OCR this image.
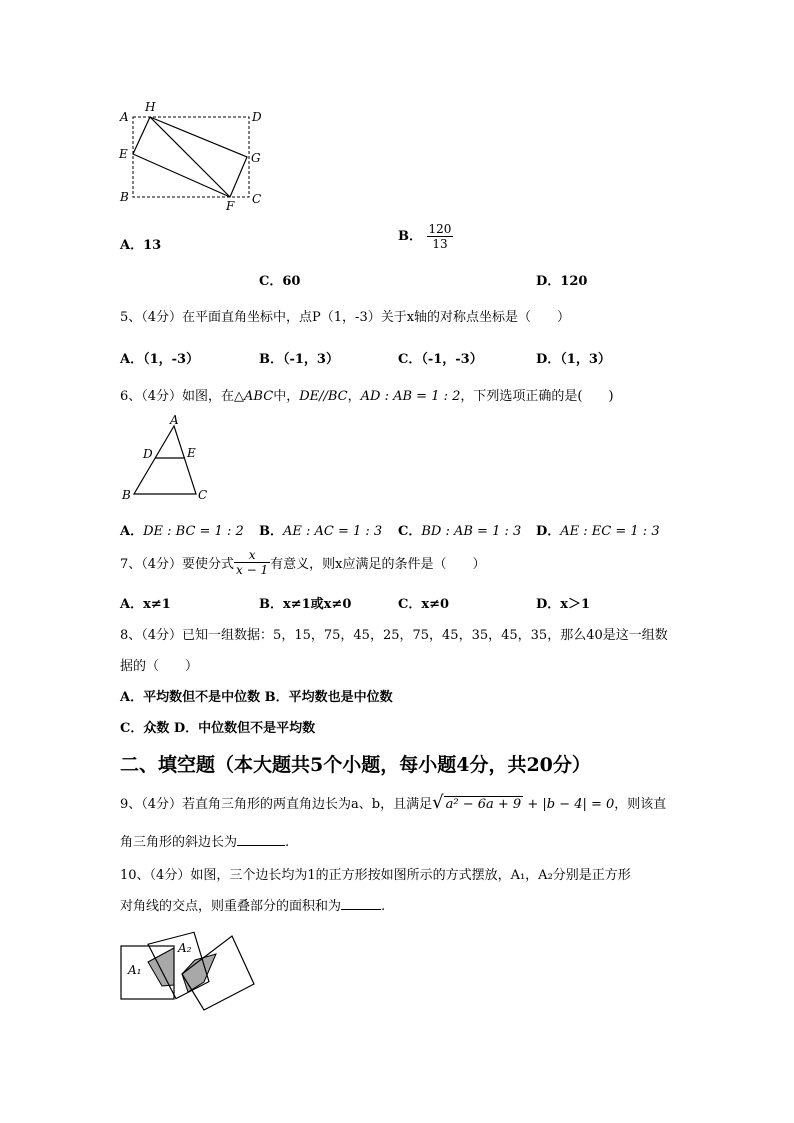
A
H
D
E	G
B
F C
A．13
B． $\frac{120}{13}$
C．60	D．120
5、（4分）在平面直角坐标中，点P（1，-3）关于x轴的对称点坐标是（　　）
A．（1，-3）	B．（-1，3）	C．（-1，-3）	D．（1，3）
6、（4分）如图，在△ABC中，DE//BC，AD : AB = 1 : 2，下列选项正确的是(　　)
A
D	E
B	C
A．DE : BC = 1 : 2 B．AE : AC = 1 : 3 C．BD : AB = 1 : 3 D．AE : EC = 1 : 3
7、（4分）要使分式 $\frac{x}{x - 1}$ 有意义，则x应满足的条件是（　　）
A．x≠1	B．x≠1或x≠0	C．x≠0	D．x＞1
8、（4分）已知一组数据：5，15，75，45，25，75，45，35，45，35，那么40是这一组数
据的（　　）
A．平均数但不是中位数 B．平均数也是中位数
C．众数 D．中位数但不是平均数
二、填空题（本大题共5个小题，每小题4分，共20分）
9、（4分）若直角三角形的两直角边长为a、b，且满足√ a² − 6a + 9 + |b − 4| = 0，则该直
角三角形的斜边长为	.
10、（4分）如图，三个边长均为1的正方形按如图所示的方式摆放，A₁，A₂分别是正方形
对角线的交点，则重叠部分的面积和为	.
A₁
A₂
